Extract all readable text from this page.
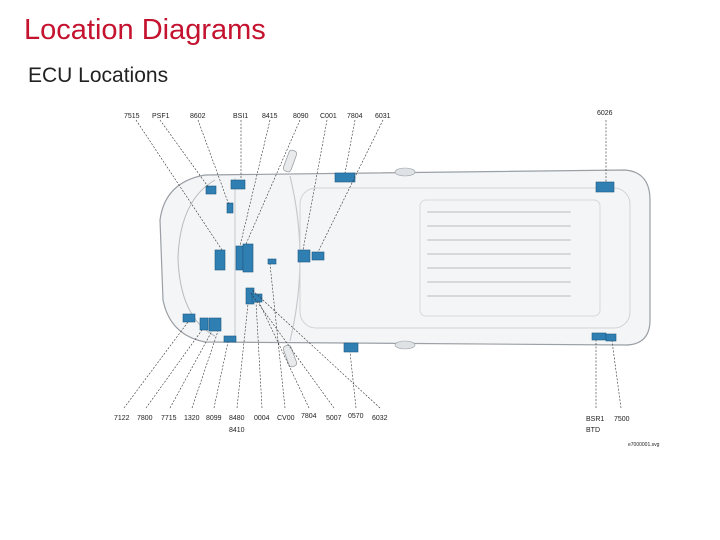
Location Diagrams
ECU Locations
7515 PSF1	8602	BSI1 8415 8090 C001 7804 6031	6026
7122 7800 7715 1320 8099 8480 0004 CV00 7804 5007 0570 6032	BSR1 7500
8410	BTD
e7000001.svg
